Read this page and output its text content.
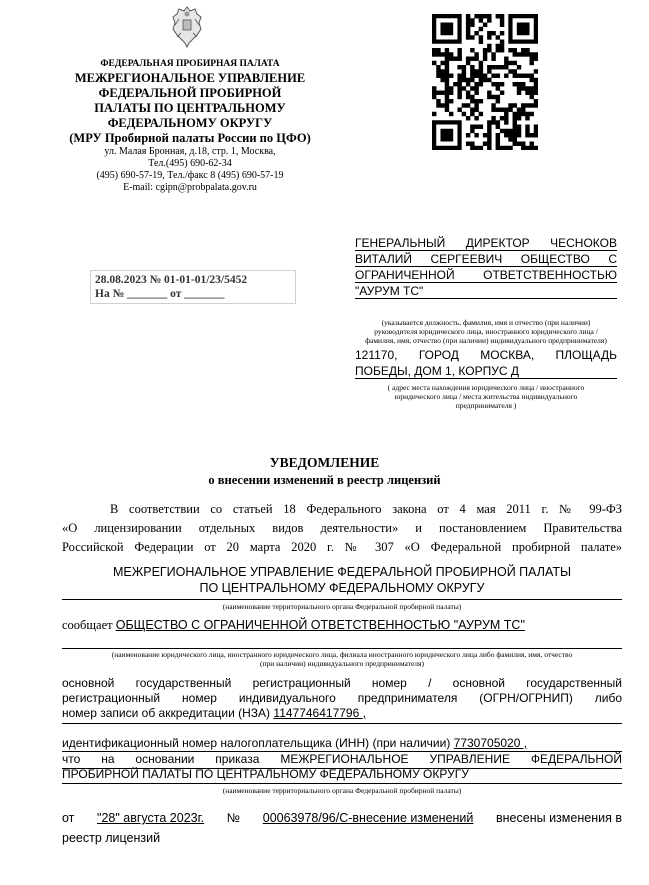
ФЕДЕРАЛЬНАЯ ПРОБИРНАЯ ПАЛАТА
МЕЖРЕГИОНАЛЬНОЕ УПРАВЛЕНИЕ
ФЕДЕРАЛЬНОЙ ПРОБИРНОЙ
ПАЛАТЫ ПО ЦЕНТРАЛЬНОМУ
ФЕДЕРАЛЬНОМУ ОКРУГУ
(МРУ Пробирной палаты России по ЦФО)
ул. Малая Бронная, д.18, стр. 1, Москва,
Тел.(495) 690-62-34
(495) 690-57-19, Тел./факс 8 (495) 690-57-19
E-mail: cgipn@probpalata.gov.ru
28.08.2023 № 01-01-01/23/5452
На № _______ от _______
ГЕНЕРАЛЬНЫЙ ДИРЕКТОР ЧЕСНОКОВ
ВИТАЛИЙ СЕРГЕЕВИЧ ОБЩЕСТВО С
ОГРАНИЧЕННОЙ ОТВЕТСТВЕННОСТЬЮ
"АУРУМ ТС"
(указывается должность, фамилия, имя и отчество (при наличии)
руководителя юридического лица, иностранного юридического лица /
фамилия, имя, отчество (при наличии) индивидуального предпринимателя)
121170, ГОРОД МОСКВА, ПЛОЩАДЬ
ПОБЕДЫ, ДОМ 1, КОРПУС Д
( адрес места нахождения юридического лица / иностранного
юридического лица / места жительства индивидуального
предпринимателя )
УВЕДОМЛЕНИЕ
о внесении изменений в реестр лицензий
В соответствии со статьей 18 Федерального закона от 4 мая 2011 г. № 99-ФЗ
«О лицензировании отдельных видов деятельности» и постановлением Правительства
Российской Федерации от 20 марта 2020 г. № 307 «О Федеральной пробирной палате»
МЕЖРЕГИОНАЛЬНОЕ УПРАВЛЕНИЕ ФЕДЕРАЛЬНОЙ ПРОБИРНОЙ ПАЛАТЫ
ПО ЦЕНТРАЛЬНОМУ ФЕДЕРАЛЬНОМУ ОКРУГУ
(наименование территориального органа Федеральной пробирной палаты)
сообщает ОБЩЕСТВО С ОГРАНИЧЕННОЙ ОТВЕТСТВЕННОСТЬЮ "АУРУМ ТС"
(наименование юридического лица, иностранного юридического лица, филиала иностранного юридического лица либо фамилия, имя, отчество
(при наличии) индивидуального предпринимателя)
основной государственный регистрационный номер / основной государственный
регистрационный номер индивидуального предпринимателя (ОГРН/ОГРНИП) либо
номер записи об аккредитации (НЗА) 1147746417796 ,
идентификационный номер налогоплательщика (ИНН) (при наличии) 7730705020 ,
что на основании приказа МЕЖРЕГИОНАЛЬНОЕ УПРАВЛЕНИЕ ФЕДЕРАЛЬНОЙ
ПРОБИРНОЙ ПАЛАТЫ ПО ЦЕНТРАЛЬНОМУ ФЕДЕРАЛЬНОМУ ОКРУГУ
(наименование территориального органа Федеральной пробирной палаты)
от "28" августа 2023г. № 00063978/96/С-внесение изменений внесены изменения в
реестр лицензий
